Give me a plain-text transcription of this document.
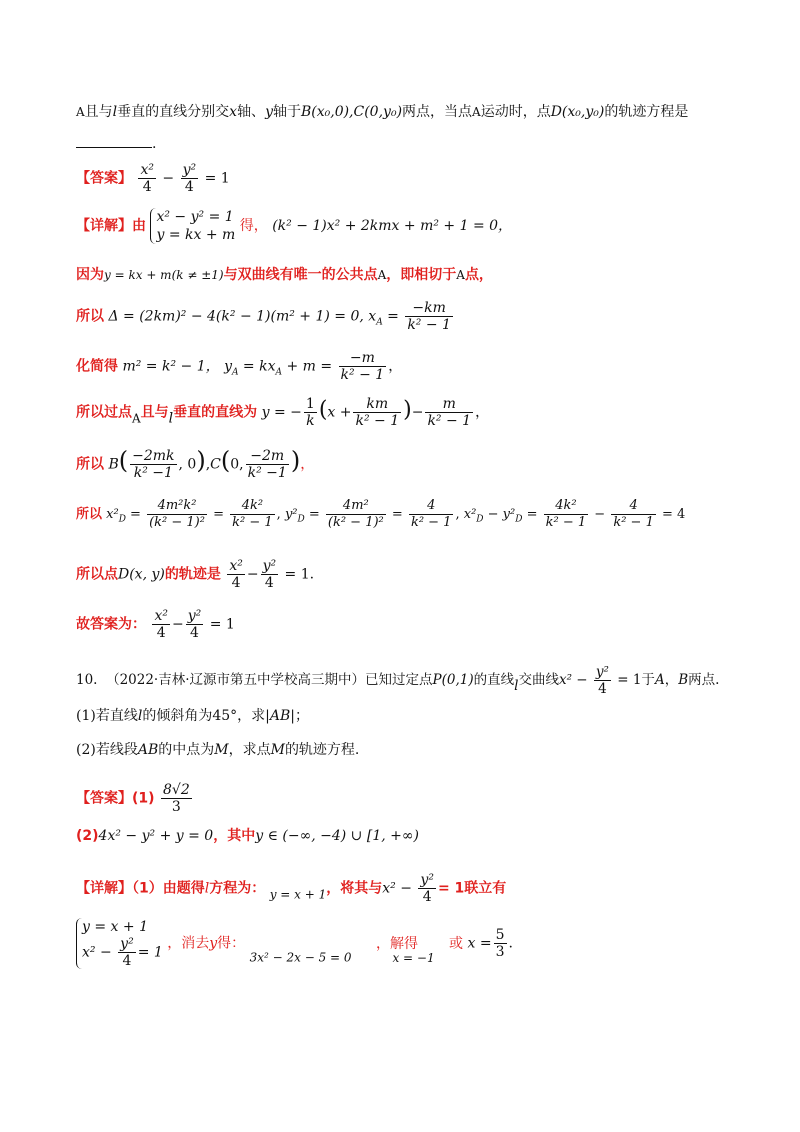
A且与l垂直的直线分别交x轴、y轴于B(x₀,0),C(0,y₀)两点，当点A运动时，点D(x₀,y₀)的轨迹方程是
.
【答案】 $\frac{\text{x²}}{4} - \frac{\text{y²}}{4} = 1$
【详解】由
x² − y² = 1
y = kx + m
得， (k² − 1)x² + 2kmx + m² + 1 = 0，
因为y = kx + m(k ≠ ±1)与双曲线有唯一的公共点A，即相切于A点，
所以 Δ = (2km)² − 4(k² − 1)(m² + 1) = 0, $x_A = \frac{-km}{\text{k² − 1}}$
化简得 m² = k² − 1， $y_A = kx_A + m = \frac{-m}{\text{k² − 1}}$ ，
所以过点A且与l垂直的直线为 y = − $\frac{1}{k} (x + \frac{km}{\text{k² − 1}}$ )− $\frac{m}{\text{k² − 1}}$ ，
所以 $B( \frac{-2mk}{\text{k² −1}}$ , 0),C(0, $\frac{-2m}{\text{k² −1}}$ )，
所以 $x^2_D = \frac{\text{4m²k²}}{\text{(k² − 1)²}} = \frac{\text{4k²}}{\text{k² − 1}}$ , $y^2_D = \frac{\text{4m²}}{\text{(k² − 1)²}} = \frac{4}{\text{k² − 1}}$ , $x^2_D - y^2_D = \frac{\text{4k²}}{\text{k² − 1}} - \frac{4}{\text{k² − 1}} = 4$
所以点D(x, y)的轨迹是 $\frac{\text{x²}}{4} - \frac{\text{y²}}{4} = 1$.
故答案为： $\frac{\text{x²}}{4} - \frac{\text{y²}}{4} = 1$
10. （2022·吉林·辽源市第五中学校高三期中）已知过定点P(0,1)的直线l交曲线$x^2 - \frac{\text{y²}}{4} = 1$于A，B两点.
(1)若直线l的倾斜角为45°，求|AB|；
(2)若线段AB的中点为M，求点M的轨迹方程.
【答案】$(1) \frac{8√2}{3}$
(2)4x² − y² + y = 0，其中y ∈ (−∞, −4) ∪ [1, +∞)
【详解】（1）由题得l方程为： y = x + 1，将其与$x^2 - \frac{\text{y²}}{4} = 1$联立有
y = x + 1
$x^2 - \frac{\text{y²}}{4} = 1$
，消去y得： 3x² − 2x − 5 = 0 ，解得 x = −1 或 $x = \frac{5}{3}$ .
